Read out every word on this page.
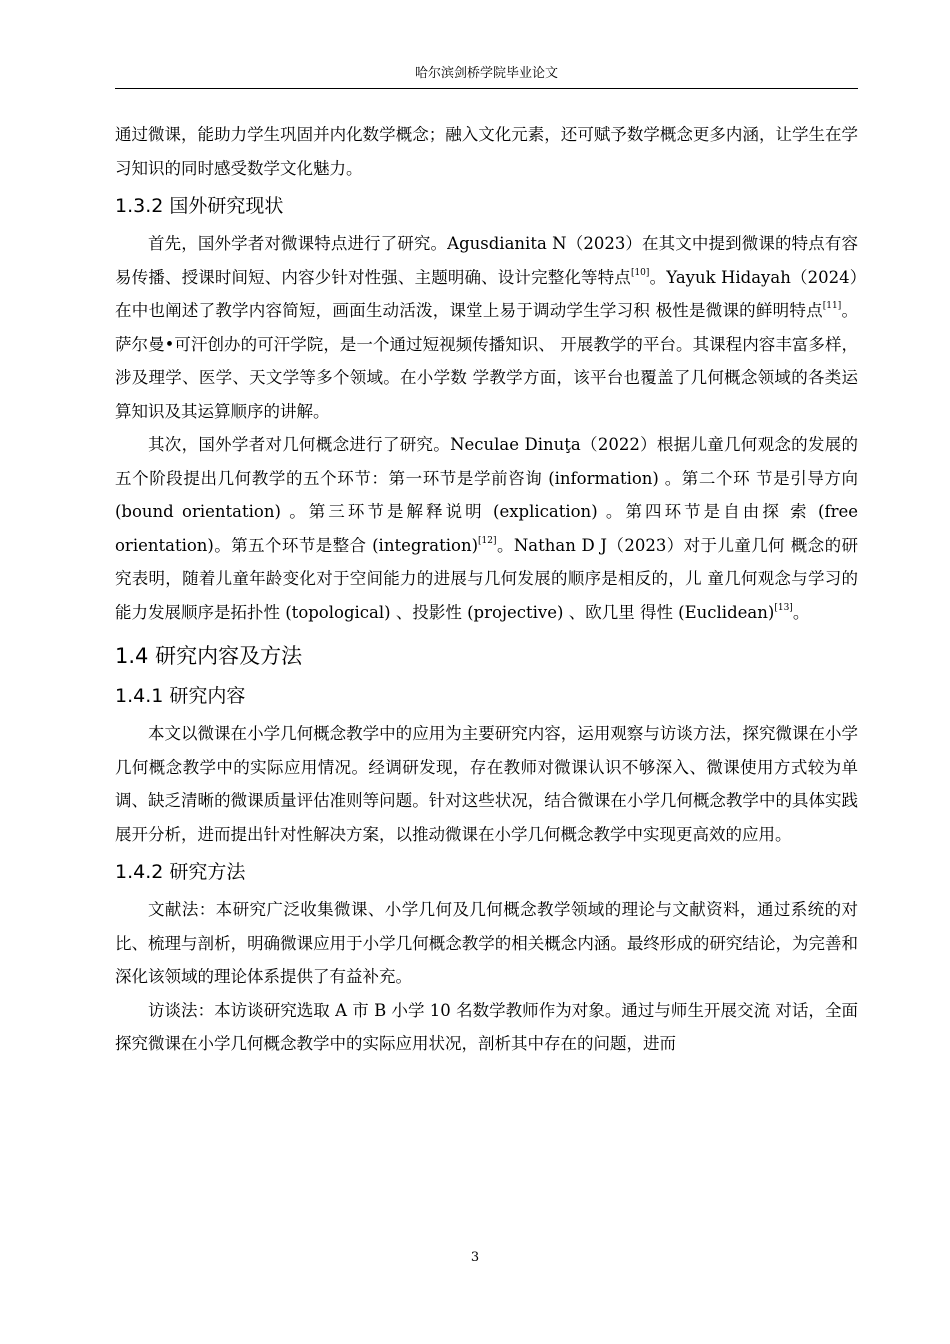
哈尔滨剑桥学院毕业论文

通过微课，能助力学生巩固并内化数学概念；融入文化元素，还可赋予数学概念更多内涵，让学生在学习知识的同时感受数学文化魅力。

1.3.2 国外研究现状

首先，国外学者对微课特点进行了研究。Agusdianita N（2023）在其文中提到微课的特点有容易传播、授课时间短、内容少针对性强、主题明确、设计完整化等特点[10]。Yayuk Hidayah（2024）在中也阐述了教学内容简短，画面生动活泼，课堂上易于调动学生学习积 极性是微课的鲜明特点[11]。萨尔曼•可汗创办的可汗学院，是一个通过短视频传播知识、 开展教学的平台。其课程内容丰富多样，涉及理学、医学、天文学等多个领域。在小学数 学教学方面，该平台也覆盖了几何概念领域的各类运算知识及其运算顺序的讲解。

其次，国外学者对几何概念进行了研究。Neculae Dinuţa（2022）根据儿童几何观念的发展的五个阶段提出几何教学的五个环节：第一环节是学前咨询 (information) 。第二个环 节是引导方向 (bound orientation) 。第三环节是解释说明 (explication) 。第四环节是自由探 索 (free orientation)。第五个环节是整合 (integration)[12]。Nathan D J（2023）对于儿童几何 概念的研究表明，随着儿童年龄变化对于空间能力的进展与几何发展的顺序是相反的，儿 童几何观念与学习的能力发展顺序是拓扑性 (topological) 、投影性 (projective) 、欧几里 得性 (Euclidean)[13]。

1.4 研究内容及方法
1.4.1 研究内容

本文以微课在小学几何概念教学中的应用为主要研究内容，运用观察与访谈方法，探究微课在小学几何概念教学中的实际应用情况。经调研发现，存在教师对微课认识不够深入、微课使用方式较为单调、缺乏清晰的微课质量评估准则等问题。针对这些状况，结合微课在小学几何概念教学中的具体实践展开分析，进而提出针对性解决方案，以推动微课在小学几何概念教学中实现更高效的应用。

1.4.2 研究方法

文献法：本研究广泛收集微课、小学几何及几何概念教学领域的理论与文献资料，通过系统的对比、梳理与剖析，明确微课应用于小学几何概念教学的相关概念内涵。最终形成的研究结论，为完善和深化该领域的理论体系提供了有益补充。

访谈法：本访谈研究选取 A 市 B 小学 10 名数学教师作为对象。通过与师生开展交流 对话，全面探究微课在小学几何概念教学中的实际应用状况，剖析其中存在的问题，进而

3
